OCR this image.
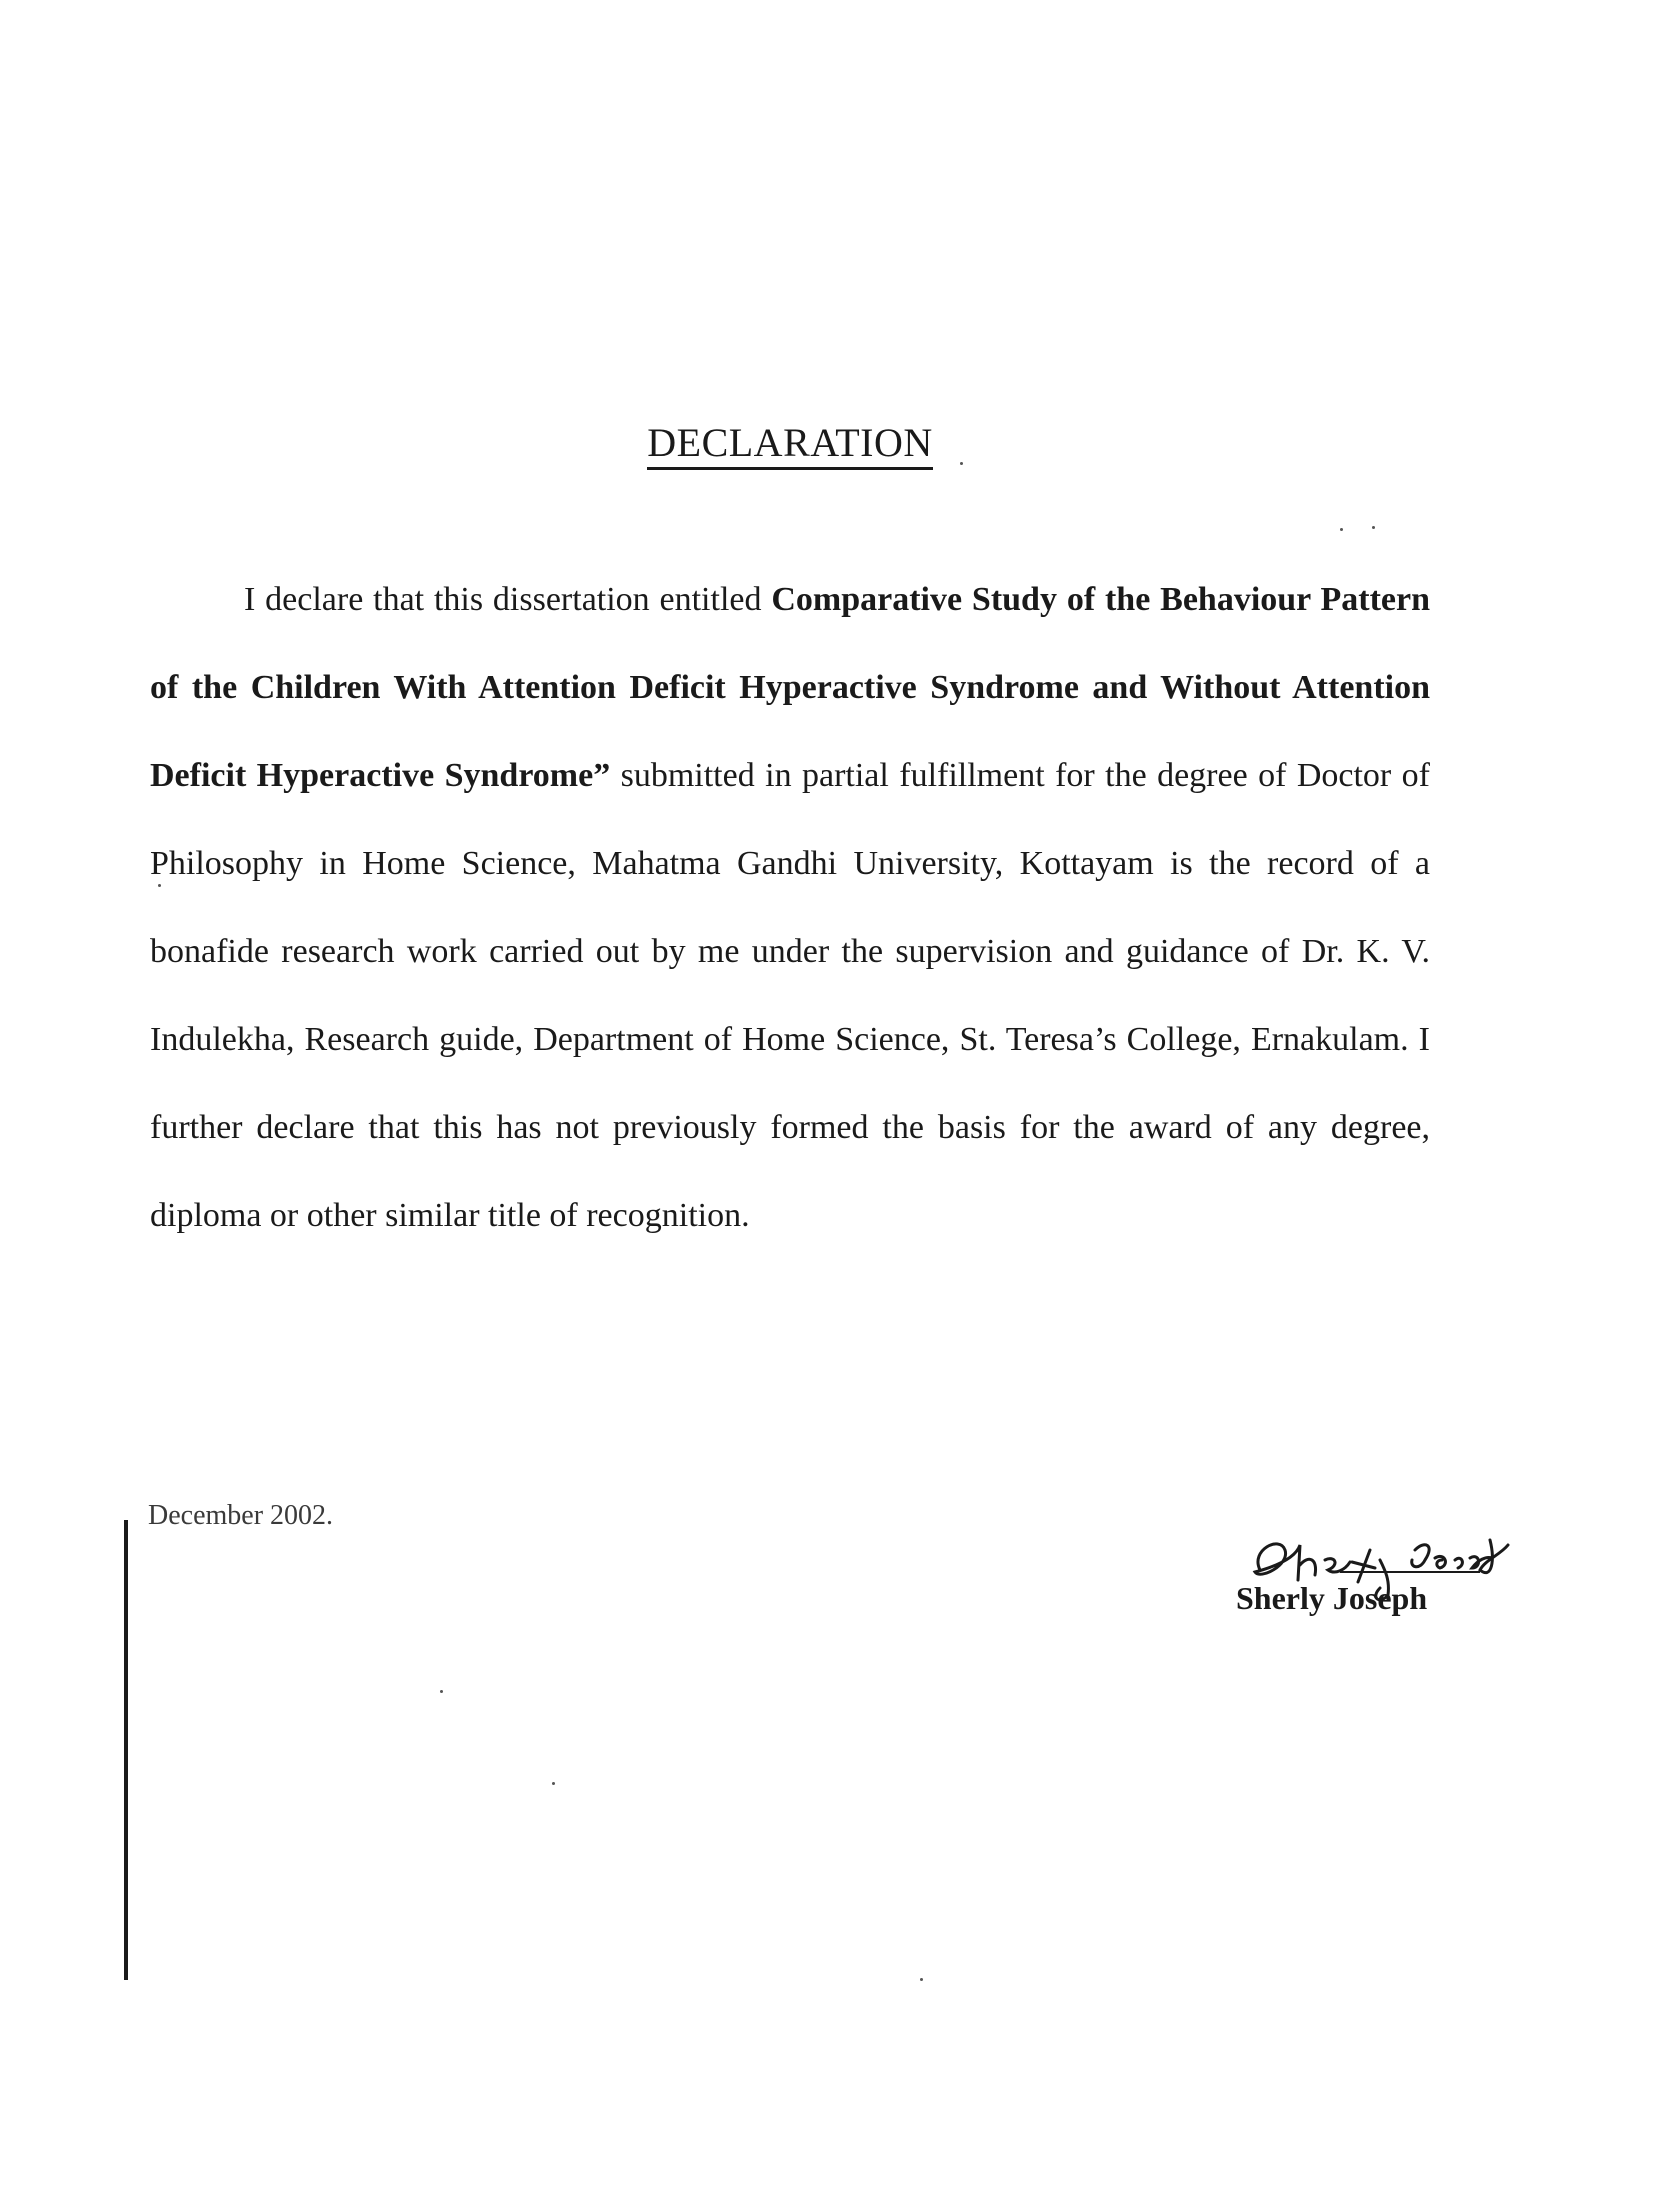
DECLARATION

I declare that this dissertation entitled Comparative Study of the Behaviour Pattern of the Children With Attention Deficit Hyperactive Syndrome and Without Attention Deficit Hyperactive Syndrome” submitted in partial fulfillment for the degree of Doctor of Philosophy in Home Science, Mahatma Gandhi University, Kottayam is the record of a bonafide research work carried out by me under the supervision and guidance of Dr. K. V. Indulekha, Research guide, Department of Home Science, St. Teresa’s College, Ernakulam. I further declare that this has not previously formed the basis for the award of any degree, diploma or other similar title of recognition.

December 2002.
Sherly Joseph
